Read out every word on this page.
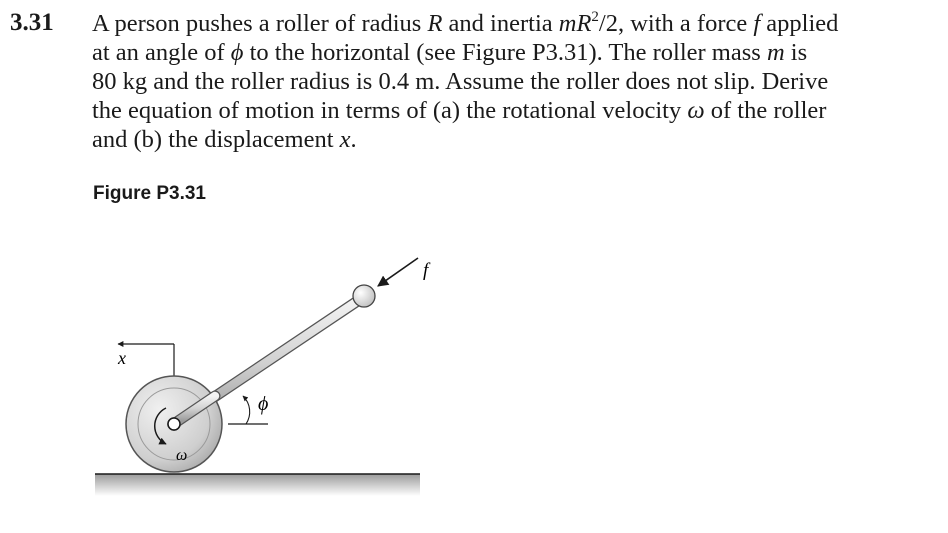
3.31 A person pushes a roller of radius R and inertia $mR^2/2$, with a force f applied
at an angle of ϕ to the horizontal (see Figure P3.31). The roller mass m is
80 kg and the roller radius is 0.4 m. Assume the roller does not slip. Derive
the equation of motion in terms of (a) the rotational velocity ω of the roller
and (b) the displacement x.
Figure P3.31
x
ω
f
ϕ
